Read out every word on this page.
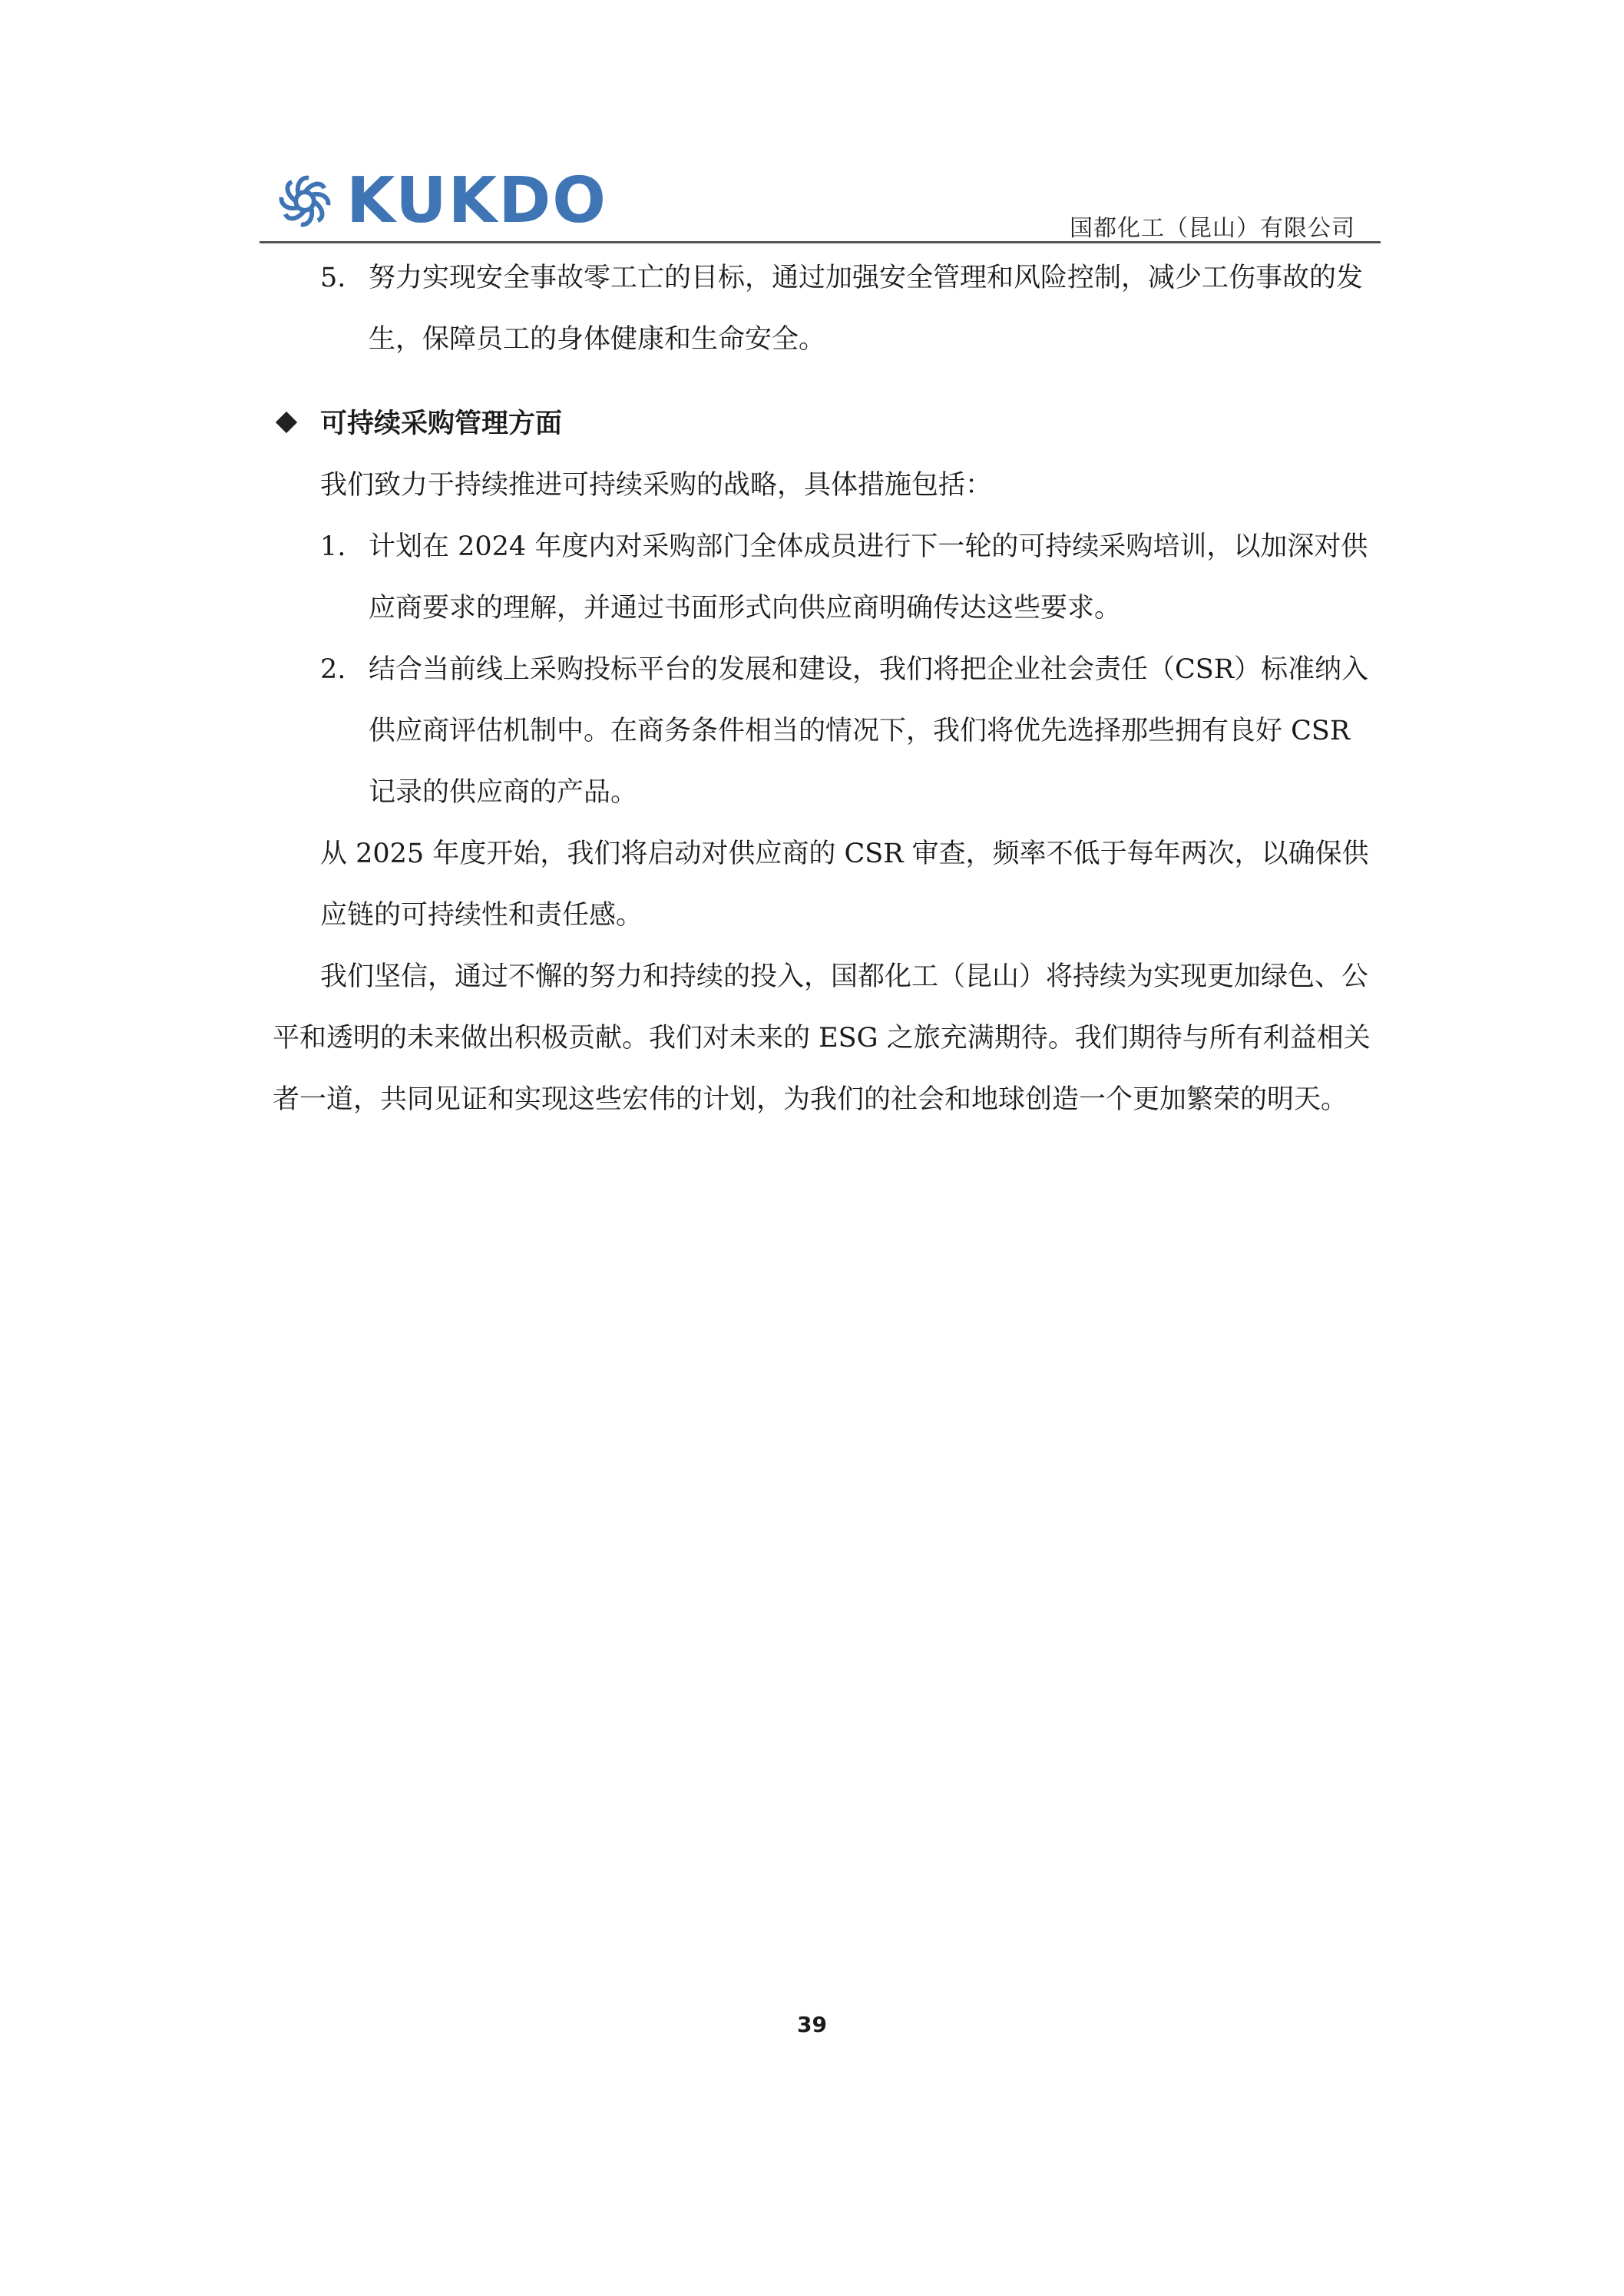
KUKDO	国都化工（昆山）有限公司
5. 努力实现安全事故零工亡的目标，通过加强安全管理和风险控制，减少工伤事故的发生，保障员工的身体健康和生命安全。
可持续采购管理方面
我们致力于持续推进可持续采购的战略，具体措施包括：
1. 计划在 2024 年度内对采购部门全体成员进行下一轮的可持续采购培训，以加深对供应商要求的理解，并通过书面形式向供应商明确传达这些要求。
2. 结合当前线上采购投标平台的发展和建设，我们将把企业社会责任（CSR）标准纳入供应商评估机制中。在商务条件相当的情况下，我们将优先选择那些拥有良好 CSR 记录的供应商的产品。
从 2025 年度开始，我们将启动对供应商的 CSR 审查，频率不低于每年两次，以确保供应链的可持续性和责任感。
我们坚信，通过不懈的努力和持续的投入，国都化工（昆山）将持续为实现更加绿色、公平和透明的未来做出积极贡献。我们对未来的 ESG 之旅充满期待。我们期待与所有利益相关者一道，共同见证和实现这些宏伟的计划，为我们的社会和地球创造一个更加繁荣的明天。
39
